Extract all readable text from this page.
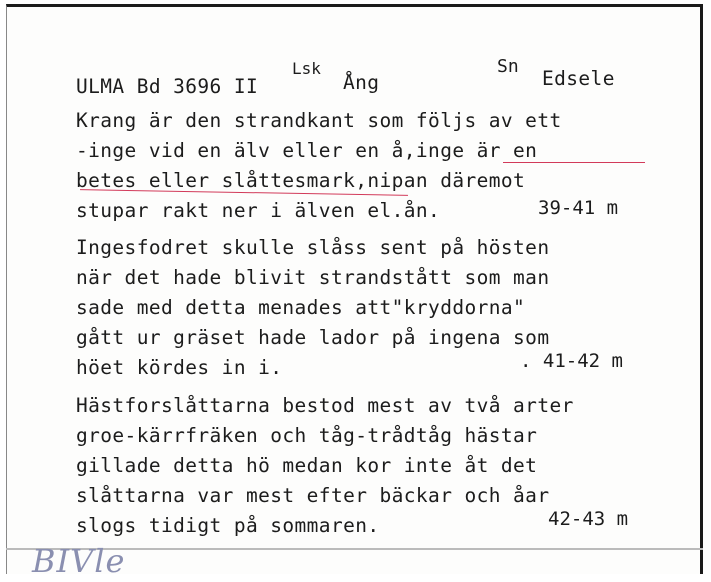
ULMA Bd 3696 II
Lsk
Ång
Sn
Edsele
Krang är den strandkant som följs av ett
-inge vid en älv eller en å,inge är en
betes eller slåttesmark,nipan däremot
stupar rakt ner i älven el.ån.	39-41 m
Ingesfodret skulle slåss sent på hösten
när det hade blivit strandstått som man
sade med detta menades att"kryddorna"
gått ur gräset hade lador på ingena som
höet kördes in i.	. 41-42 m
Hästforslåttarna bestod mest av två arter
groe-kärrfräken och tåg-trådtåg hästar
gillade detta hö medan kor inte åt det
slåttarna var mest efter bäckar och åar
slogs tidigt på sommaren.	42-43 m
BIVle
